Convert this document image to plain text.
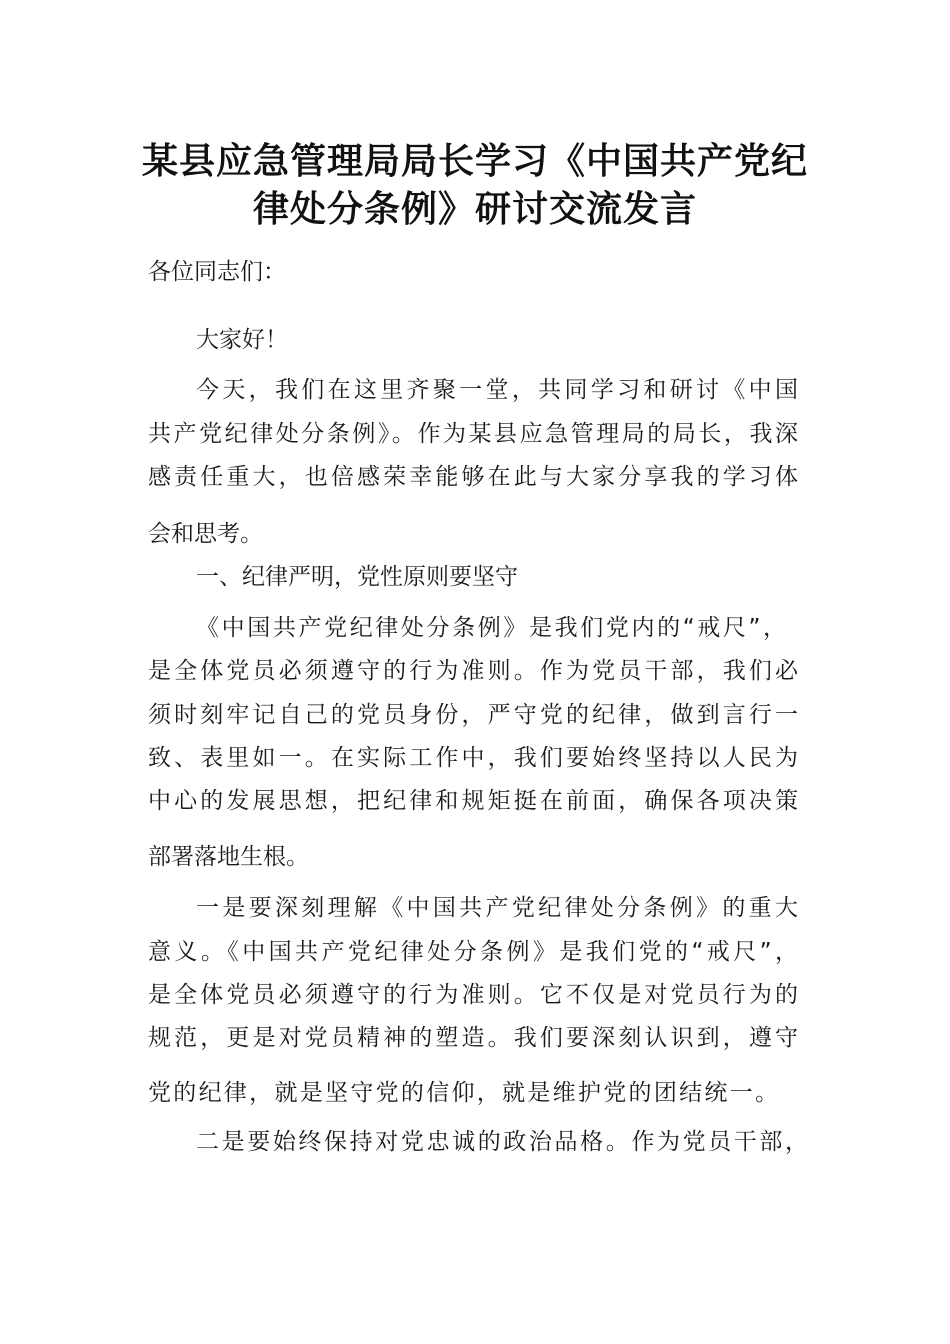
某县应急管理局局长学习《中国共产党纪
律处分条例》研讨交流发言
各位同志们：
大家好！
今天，我们在这里齐聚一堂，共同学习和研讨《中国
共产党纪律处分条例》。作为某县应急管理局的局长，我深
感责任重大，也倍感荣幸能够在此与大家分享我的学习体
会和思考。
一、纪律严明，党性原则要坚守
《中国共产党纪律处分条例》是我们党内的“戒尺”，
是全体党员必须遵守的行为准则。作为党员干部，我们必
须时刻牢记自己的党员身份，严守党的纪律，做到言行一
致、表里如一。在实际工作中，我们要始终坚持以人民为
中心的发展思想，把纪律和规矩挺在前面，确保各项决策
部署落地生根。
一是要深刻理解《中国共产党纪律处分条例》的重大
意义。《中国共产党纪律处分条例》是我们党的“戒尺”，
是全体党员必须遵守的行为准则。它不仅是对党员行为的
规范，更是对党员精神的塑造。我们要深刻认识到，遵守
党的纪律，就是坚守党的信仰，就是维护党的团结统一。
二是要始终保持对党忠诚的政治品格。作为党员干部，
